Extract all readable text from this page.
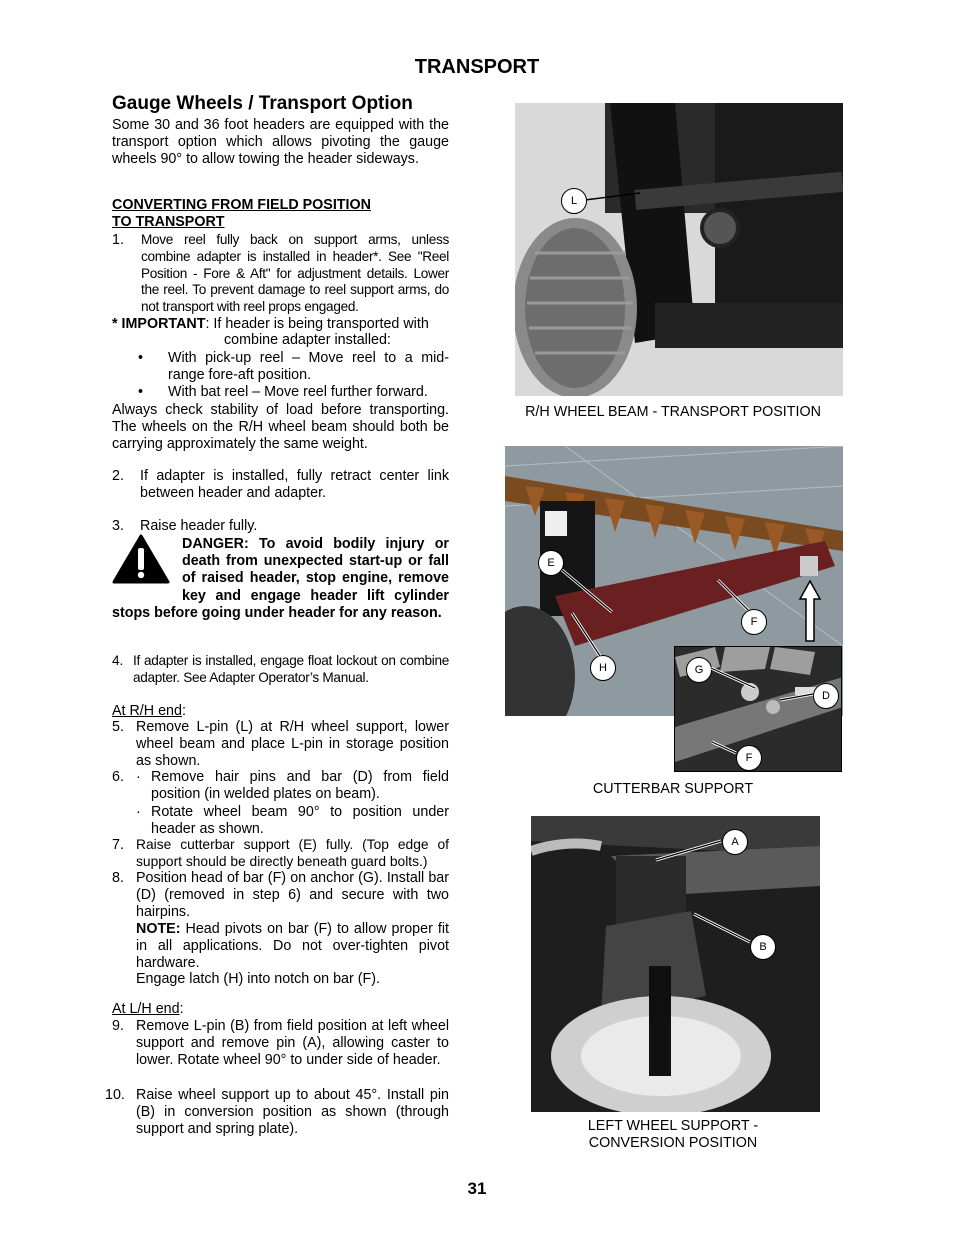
TRANSPORT
Gauge Wheels / Transport Option
Some 30 and 36 foot headers are equipped with the transport option which allows pivoting the gauge wheels 90° to allow towing the header sideways.
CONVERTING FROM FIELD POSITION
TO TRANSPORT
1. Move reel fully back on support arms, unless combine adapter is installed in header*. See "Reel Position - Fore & Aft" for adjustment details. Lower the reel. To prevent damage to reel support arms, do not transport with reel props engaged.
* IMPORTANT: If header is being transported with
combine adapter installed:
• With pick-up reel – Move reel to a mid-range fore-aft position.
• With bat reel – Move reel further forward.
Always check stability of load before transporting. The wheels on the R/H wheel beam should both be carrying approximately the same weight.
2. If adapter is installed, fully retract center link between header and adapter.
3. Raise header fully.
DANGER: To avoid bodily injury or death from unexpected start-up or fall of raised header, stop engine, remove key and engage header lift cylinder stops before going under header for any reason.
4. If adapter is installed, engage float lockout on combine adapter. See Adapter Operator’s Manual.
At R/H end:
5. Remove L-pin (L) at R/H wheel support, lower wheel beam and place L-pin in storage position as shown.
6. · Remove hair pins and bar (D) from field position (in welded plates on beam).
· Rotate wheel beam 90° to position under header as shown.
7. Raise cutterbar support (E) fully. (Top edge of support should be directly beneath guard bolts.)
8. Position head of bar (F) on anchor (G). Install bar (D) (removed in step 6) and secure with two hairpins.
NOTE: Head pivots on bar (F) to allow proper fit in all applications. Do not over-tighten pivot hardware.
Engage latch (H) into notch on bar (F).
At L/H end:
9. Remove L-pin (B) from field position at left wheel support and remove pin (A), allowing caster to lower. Rotate wheel 90° to under side of header.
10. Raise wheel support up to about 45°. Install pin (B) in conversion position as shown (through support and spring plate).
L
R/H WHEEL BEAM - TRANSPORT POSITION
E
F
H	G
D
F
CUTTERBAR SUPPORT
A
B
LEFT WHEEL SUPPORT -
CONVERSION POSITION
31
